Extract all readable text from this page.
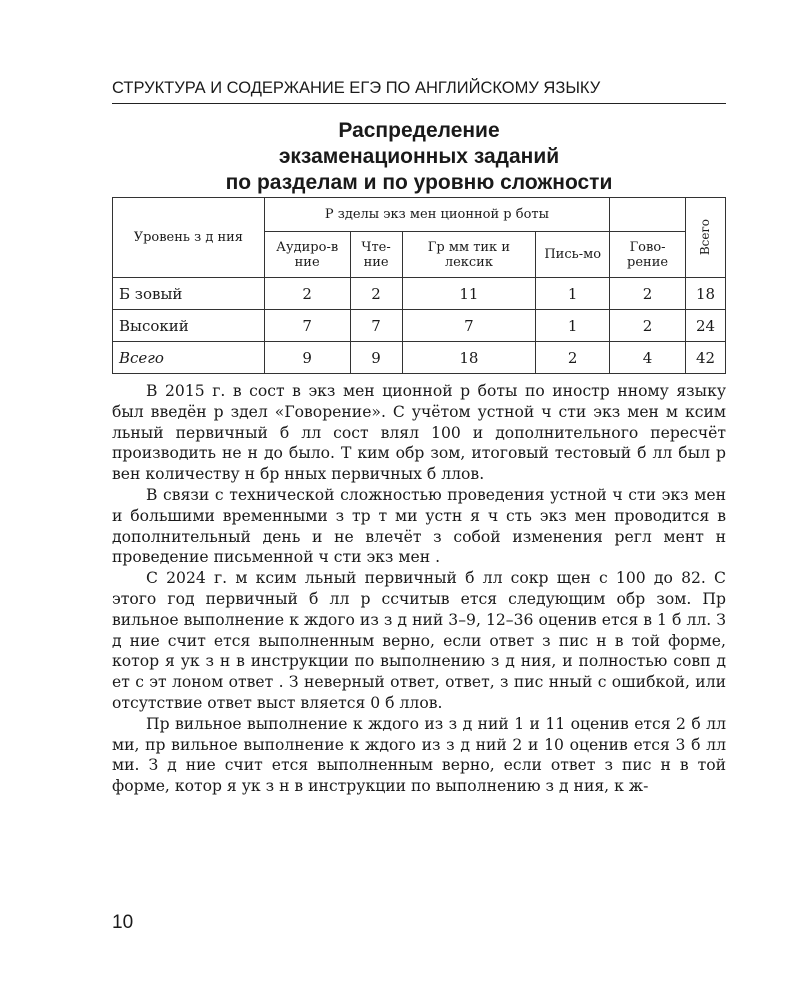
СТРУКТУРА И СОДЕРЖАНИЕ ЕГЭ ПО АНГЛИЙСКОМУ ЯЗЫКУ
Распределение
экзаменационных заданий
по разделам и по уровню сложности
Уровень з д ния	Р зделы экз мен ционной р боты					Всего

	Аудиро-в ние	Чте-ние	Гр мм тик и лексик	Пись-мо	Гово-рение	
Б зовый	2	2	11	1	2	18
Высокий	7	7	7	1	2	24
Всего	9	9	18	2	4	42

В 2015 г. в сост в экз мен ционной р боты по иностр нному языку был введён р здел «Говорение». С учётом устной ч сти экз мен м ксим льный первичный б лл сост влял 100 и дополнительного пересчёт производить не н до было. Т ким обр зом, итоговый тестовый б лл был р вен количеству н бр нных первичных б ллов.

В связи с технической сложностью проведения устной ч сти экз мен и большими временными з тр т ми устн я ч сть экз мен проводится в дополнительный день и не влечёт з собой изменения регл мент н проведение письменной ч сти экз мен .

С 2024 г. м ксим льный первичный б лл сокр щен с 100 до 82. С этого год первичный б лл р ссчитыв ется следующим обр зом. Пр вильное выполнение к ждого из з д ний 3–9, 12–36 оценив ется в 1 б лл. З д ние счит ется выполненным верно, если ответ з пис н в той форме, котор я ук з н в инструкции по выполнению з д ния, и полностью совп д ет с эт лоном ответ . З неверный ответ, ответ, з пис нный с ошибкой, или отсутствие ответ выст вляется 0 б ллов.

Пр вильное выполнение к ждого из з д ний 1 и 11 оценив ется 2 б лл ми, пр вильное выполнение к ждого из з д ний 2 и 10 оценив ется 3 б лл ми. З д ние счит ется выполненным верно, если ответ з пис н в той форме, котор я ук з н в инструкции по выполнению з д ния, к ж-

10
